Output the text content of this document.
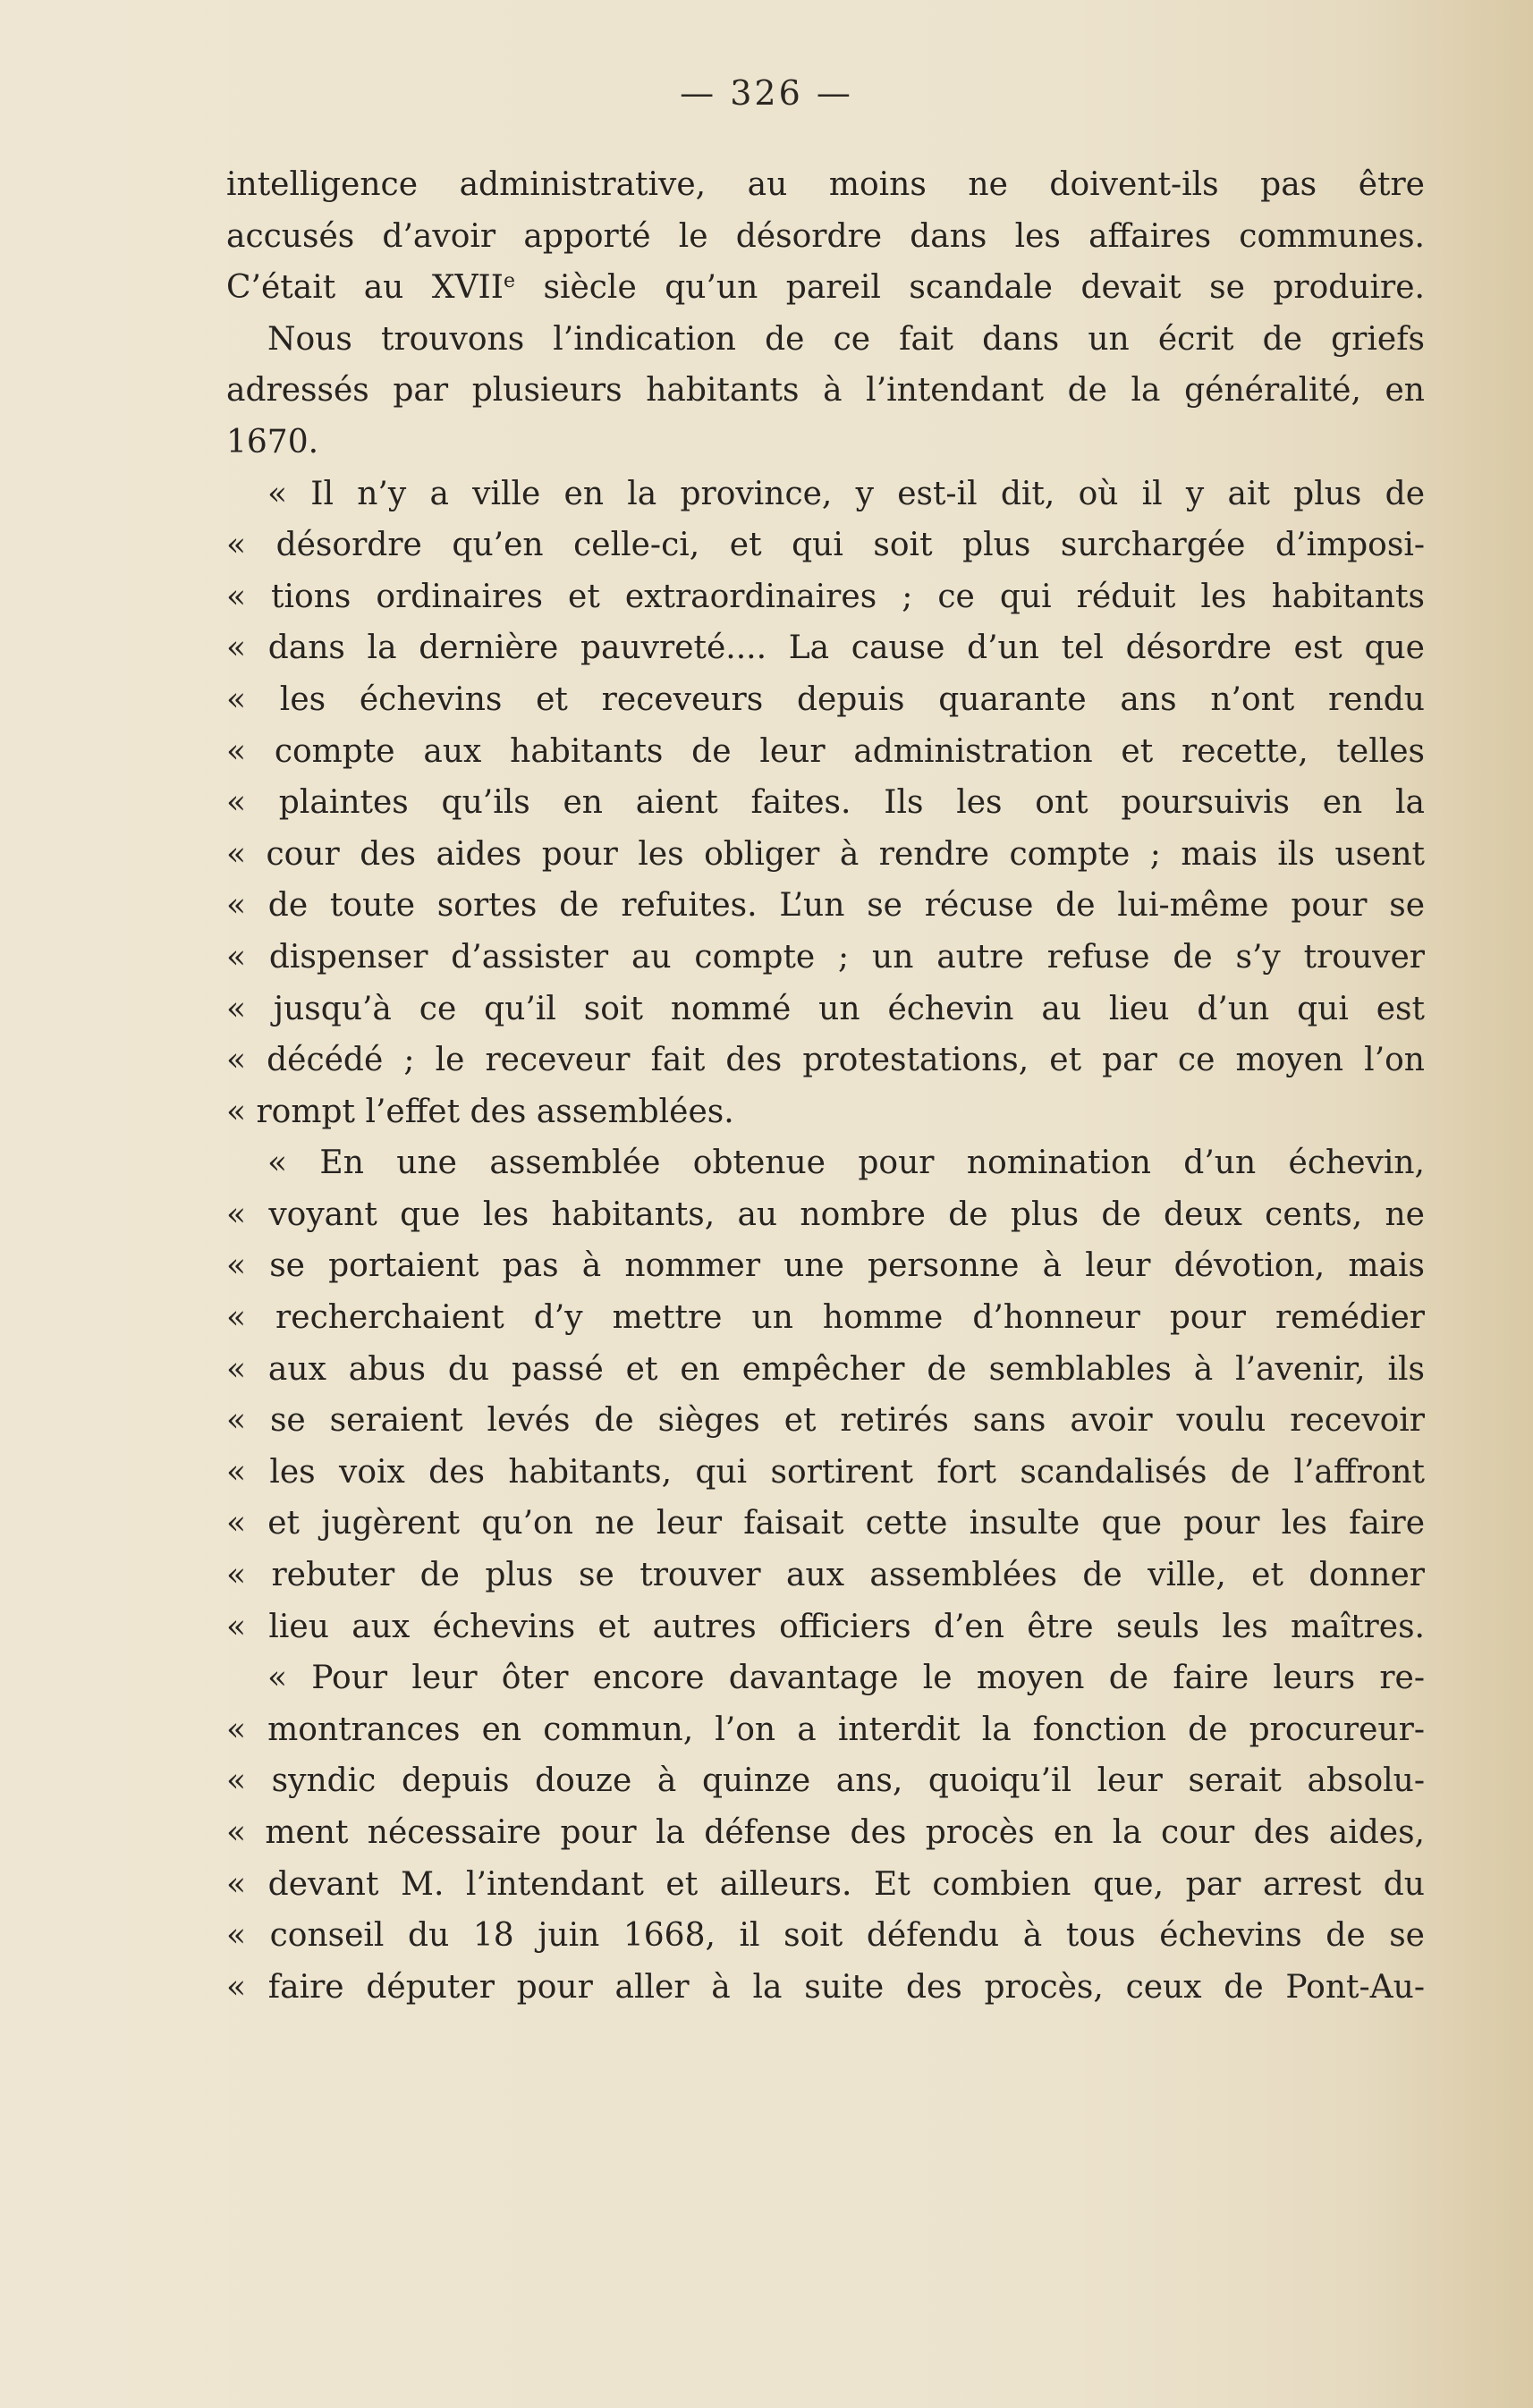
— 326 —
intelligence administrative, au moins ne doivent-ils pas être
accusés d’avoir apporté le désordre dans les affaires communes.
C’était au XVIIe siècle qu’un pareil scandale devait se produire.
Nous trouvons l’indication de ce fait dans un écrit de griefs
adressés par plusieurs habitants à l’intendant de la généralité, en
1670.
« Il n’y a ville en la province, y est-il dit, où il y ait plus de
« désordre qu’en celle-ci, et qui soit plus surchargée d’imposi-
« tions ordinaires et extraordinaires ; ce qui réduit les habitants
« dans la dernière pauvreté.... La cause d’un tel désordre est que
« les échevins et receveurs depuis quarante ans n’ont rendu
« compte aux habitants de leur administration et recette, telles
« plaintes qu’ils en aient faites. Ils les ont poursuivis en la
« cour des aides pour les obliger à rendre compte ; mais ils usent
« de toute sortes de refuites. L’un se récuse de lui-même pour se
« dispenser d’assister au compte ; un autre refuse de s’y trouver
« jusqu’à ce qu’il soit nommé un échevin au lieu d’un qui est
« décédé ; le receveur fait des protestations, et par ce moyen l’on
« rompt l’effet des assemblées.
« En une assemblée obtenue pour nomination d’un échevin,
« voyant que les habitants, au nombre de plus de deux cents, ne
« se portaient pas à nommer une personne à leur dévotion, mais
« recherchaient d’y mettre un homme d’honneur pour remédier
« aux abus du passé et en empêcher de semblables à l’avenir, ils
« se seraient levés de sièges et retirés sans avoir voulu recevoir
« les voix des habitants, qui sortirent fort scandalisés de l’affront
« et jugèrent qu’on ne leur faisait cette insulte que pour les faire
« rebuter de plus se trouver aux assemblées de ville, et donner
« lieu aux échevins et autres officiers d’en être seuls les maîtres.
« Pour leur ôter encore davantage le moyen de faire leurs re-
« montrances en commun, l’on a interdit la fonction de procureur-
« syndic depuis douze à quinze ans, quoiqu’il leur serait absolu-
« ment nécessaire pour la défense des procès en la cour des aides,
« devant M. l’intendant et ailleurs. Et combien que, par arrest du
« conseil du 18 juin 1668, il soit défendu à tous échevins de se
« faire députer pour aller à la suite des procès, ceux de Pont-Au-
